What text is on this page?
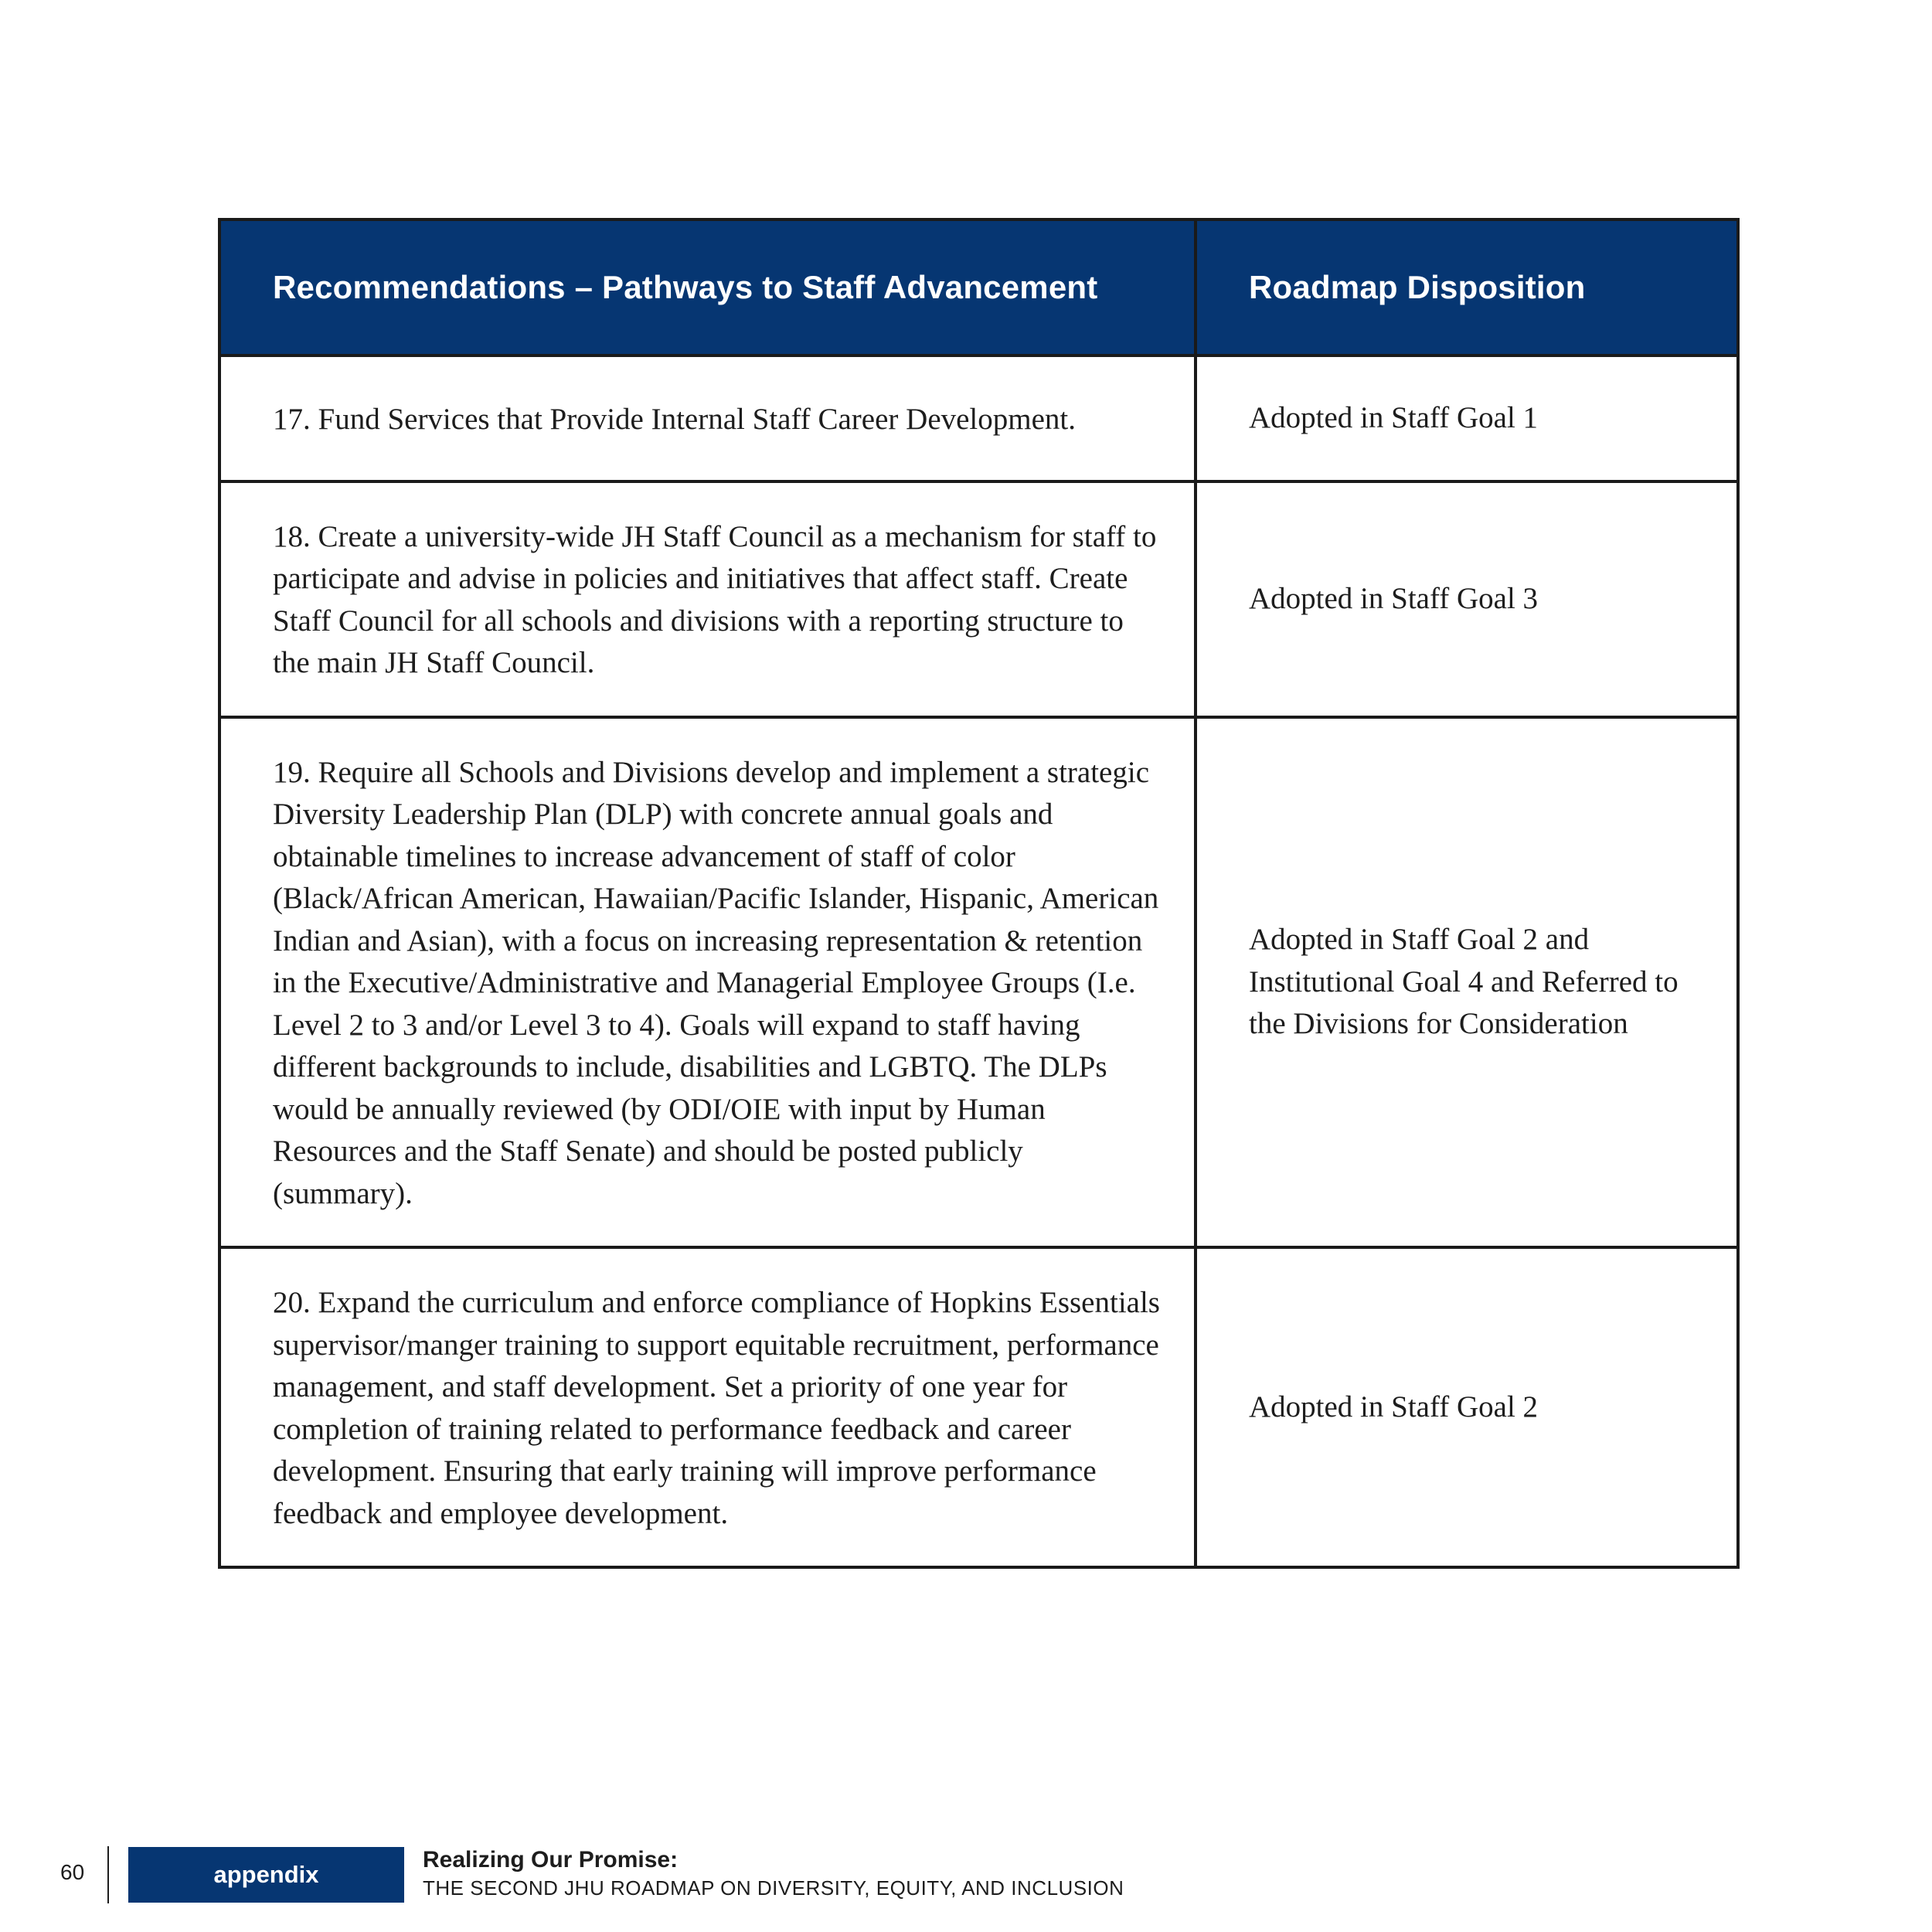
Recommendations – Pathways to Staff Advancement	Roadmap Disposition
17. Fund Services that Provide Internal Staff Career Development.	Adopted in Staff Goal 1
18. Create a university-wide JH Staff Council as a mechanism for staff to participate and advise in policies and initiatives that affect staff. Create Staff Council for all schools and divisions with a reporting structure to the main JH Staff Council.	Adopted in Staff Goal 3
19. Require all Schools and Divisions develop and implement a strategic Diversity Leadership Plan (DLP) with concrete annual goals and obtainable timelines to increase advancement of staff of color (Black/African American, Hawaiian/Pacific Islander, Hispanic, American Indian and Asian), with a focus on increasing representation & retention in the Executive/Administrative and Managerial Employee Groups (I.e. Level 2 to 3 and/or Level 3 to 4). Goals will expand to staff having different backgrounds to include, disabilities and LGBTQ. The DLPs would be annually reviewed (by ODI/OIE with input by Human Resources and the Staff Senate) and should be posted publicly (summary).	Adopted in Staff Goal 2 and Institutional Goal 4 and Referred to the Divisions for Consideration
20. Expand the curriculum and enforce compliance of Hopkins Essentials supervisor/manger training to support equitable recruitment, performance management, and staff development. Set a priority of one year for completion of training related to performance feedback and career development. Ensuring that early training will improve performance feedback and employee development.	Adopted in Staff Goal 2
60	appendix
Realizing Our Promise:
THE SECOND JHU ROADMAP ON DIVERSITY, EQUITY, AND INCLUSION
